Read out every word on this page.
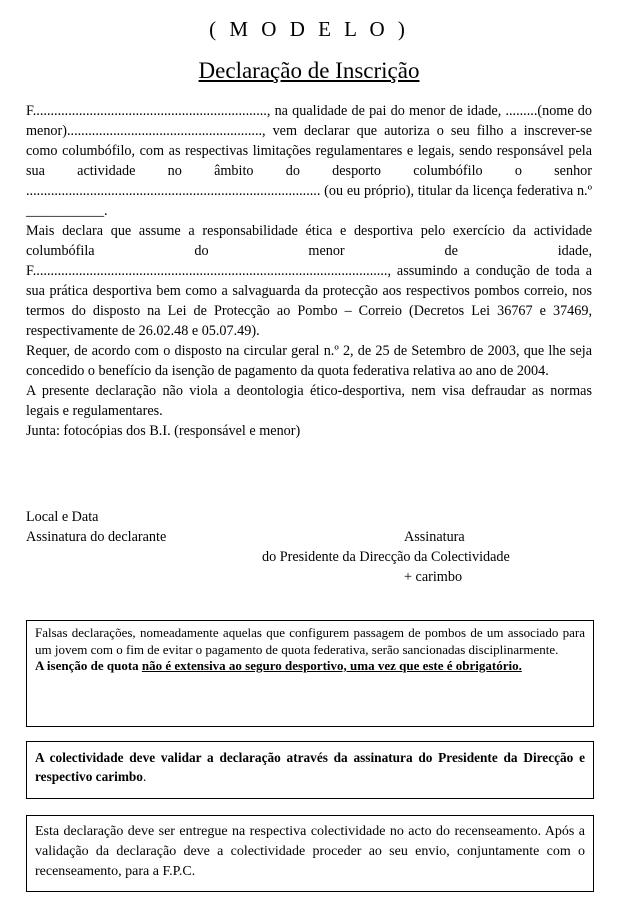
( M O D E L O )
Declaração de Inscrição

F.................................................................., na qualidade de pai do menor de idade, .........(nome do menor)......................................................., vem declarar que autoriza o seu filho a inscrever-se como columbófilo, com as respectivas limitações regulamentares e legais, sendo responsável pela sua actividade no âmbito do desporto columbófilo o senhor

................................................................................... (ou eu próprio), titular da licença federativa n.º ___________.

Mais declara que assume a responsabilidade ética e desportiva pelo exercício da actividade columbófila do menor de idade,

F...................................................................................................., assumindo a condução de toda a sua prática desportiva bem como a salvaguarda da protecção aos respectivos pombos correio, nos termos do disposto na Lei de Protecção ao Pombo – Correio (Decretos Lei 36767 e 37469, respectivamente de 26.02.48 e 05.07.49).

Requer, de acordo com o disposto na circular geral n.º 2, de 25 de Setembro de 2003, que lhe seja concedido o benefício da isenção de pagamento da quota federativa relativa ao ano de 2004.

A presente declaração não viola a deontologia ético-desportiva, nem visa defraudar as normas legais e regulamentares.

Junta: fotocópias dos B.I. (responsável e menor)

Local e Data
Assinatura do declarante	Assinatura
do Presidente da Direcção da Colectividade
+ carimbo
Falsas declarações, nomeadamente aquelas que configurem passagem de pombos de um associado para um jovem com o fim de evitar o pagamento de quota federativa, serão sancionadas disciplinarmente.
A isenção de quota não é extensiva ao seguro desportivo, uma vez que este é obrigatório.
A colectividade deve validar a declaração através da assinatura do Presidente da Direcção e respectivo carimbo.
Esta declaração deve ser entregue na respectiva colectividade no acto do recenseamento. Após a validação da declaração deve a colectividade proceder ao seu envio, conjuntamente com o recenseamento, para a F.P.C.
